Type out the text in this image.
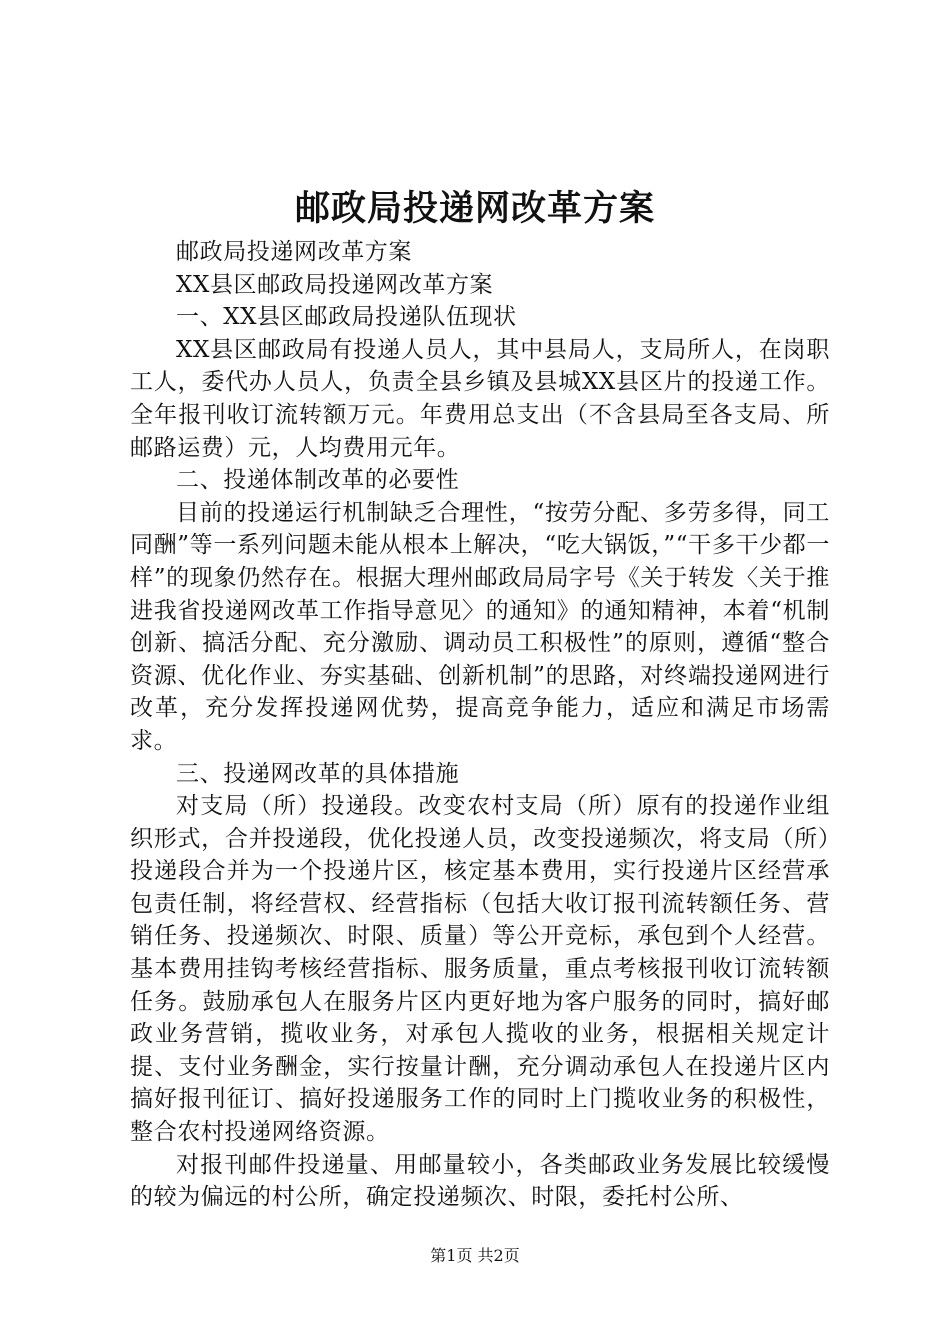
邮政局投递网改革方案

邮政局投递网改革方案

XX县区邮政局投递网改革方案

一、XX县区邮政局投递队伍现状

XX县区邮政局有投递人员人，其中县局人，支局所人，在岗职工人，委代办人员人，负责全县乡镇及县城XX县区片的投递工作。全年报刊收订流转额万元。年费用总支出（不含县局至各支局、所邮路运费）元，人均费用元年。

二、投递体制改革的必要性

目前的投递运行机制缺乏合理性，“按劳分配、多劳多得，同工同酬”等一系列问题未能从根本上解决，“吃大锅饭，”“干多干少都一样”的现象仍然存在。根据大理州邮政局局字号《关于转发〈关于推进我省投递网改革工作指导意见〉的通知》的通知精神，本着“机制创新、搞活分配、充分激励、调动员工积极性”的原则，遵循“整合资源、优化作业、夯实基础、创新机制”的思路，对终端投递网进行改革，充分发挥投递网优势，提高竞争能力，适应和满足市场需求。

三、投递网改革的具体措施

对支局（所）投递段。改变农村支局（所）原有的投递作业组织形式，合并投递段，优化投递人员，改变投递频次，将支局（所）投递段合并为一个投递片区，核定基本费用，实行投递片区经营承包责任制，将经营权、经营指标（包括大收订报刊流转额任务、营销任务、投递频次、时限、质量）等公开竞标，承包到个人经营。基本费用挂钩考核经营指标、服务质量，重点考核报刊收订流转额任务。鼓励承包人在服务片区内更好地为客户服务的同时，搞好邮政业务营销，揽收业务，对承包人揽收的业务，根据相关规定计提、支付业务酬金，实行按量计酬，充分调动承包人在投递片区内搞好报刊征订、搞好投递服务工作的同时上门揽收业务的积极性，整合农村投递网络资源。

对报刊邮件投递量、用邮量较小，各类邮政业务发展比较缓慢的较为偏远的村公所，确定投递频次、时限，委托村公所、

第1页 共2页
